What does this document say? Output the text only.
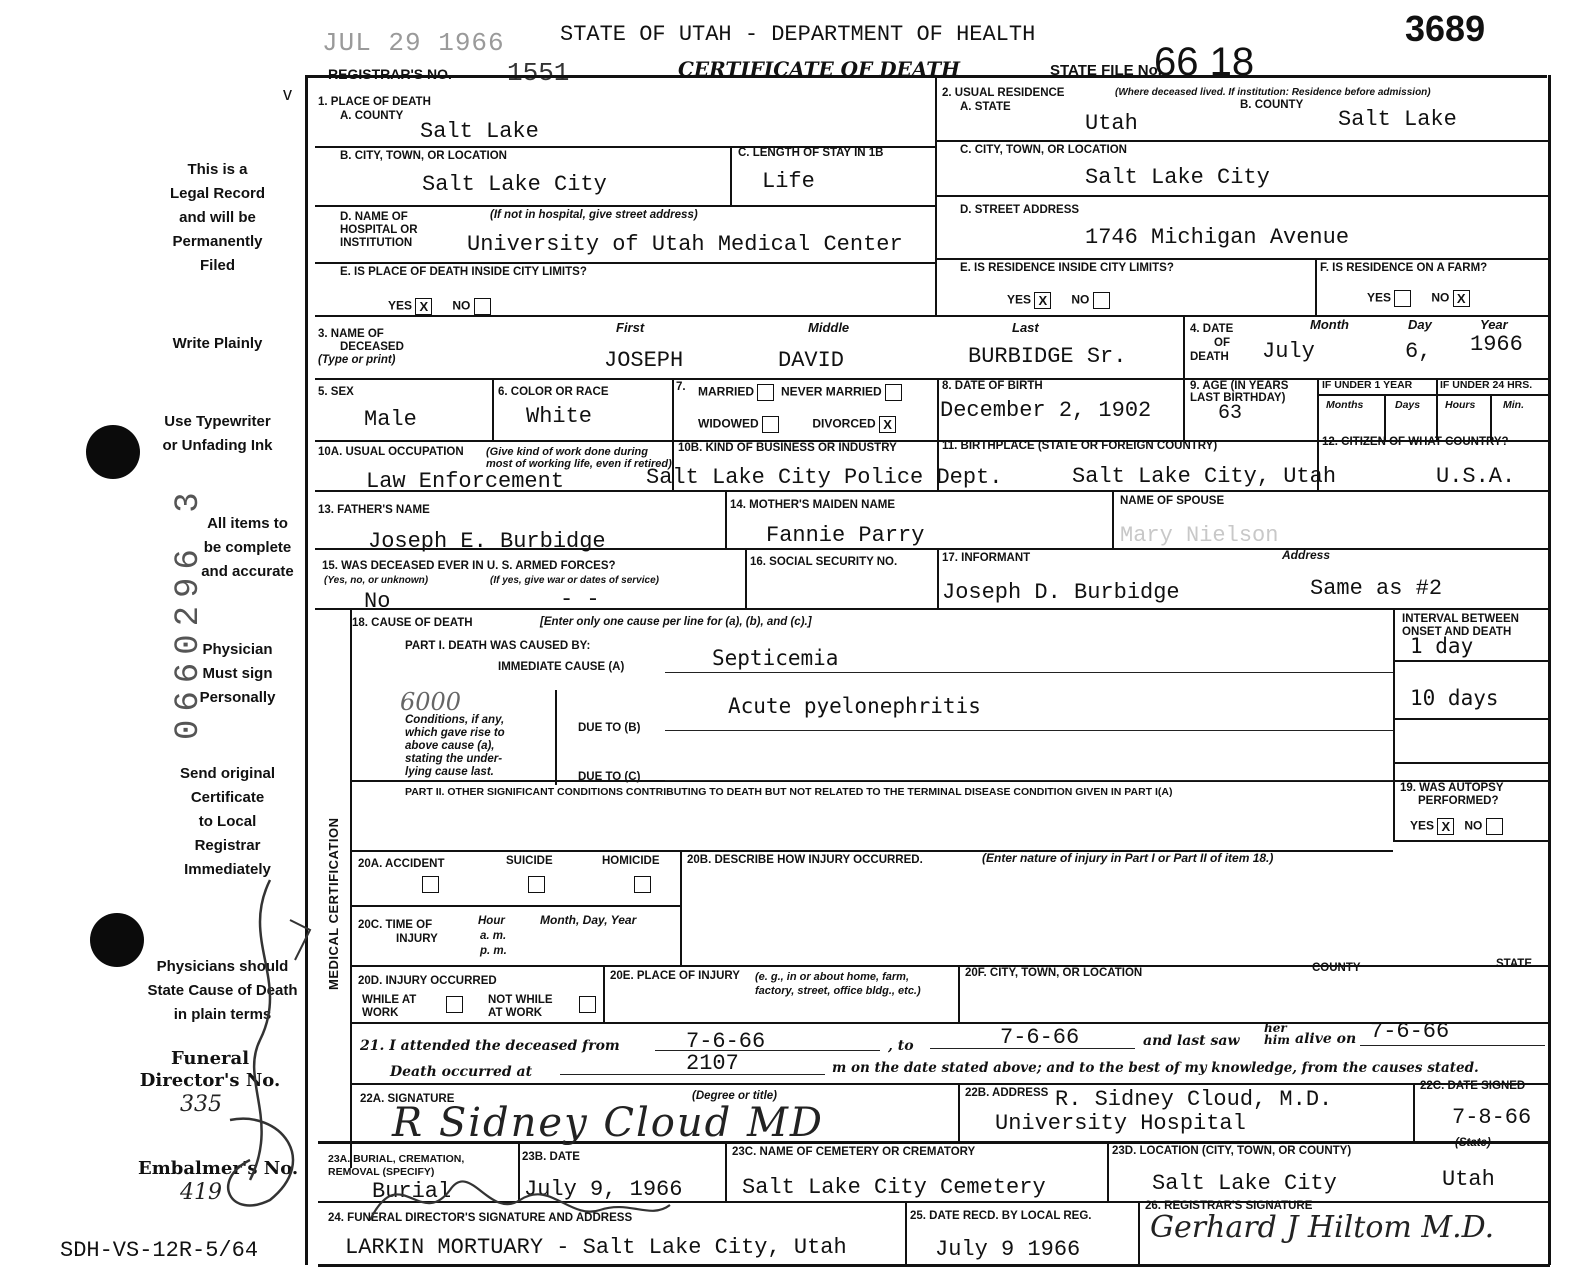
JUL 29 1966	STATE OF UTAH - DEPARTMENT OF HEALTH	3689
REGISTRAR'S NO. 1551	CERTIFICATE OF DEATH	STATE FILE No.
66 18
v
This is a
Legal Record
and will be
Permanently
Filed
Write Plainly
Use Typewriter
or Unfading Ink
All items to
be complete
and accurate
Physician
Must sign
Personally
Send original
Certificate
to Local
Registrar
Immediately
Physicians should
State Cause of Death
in plain terms
Funeral
Director's No.
335
Embalmer's No.
419
0660296 3
SDH-VS-12R-5/64
1. PLACE OF DEATH
A. COUNTY
Salt Lake
B. CITY, TOWN, OR LOCATION
Salt Lake City
C. LENGTH OF STAY IN 1B
Life
D. NAME OF
HOSPITAL OR
INSTITUTION
(If not in hospital, give street address)
University of Utah Medical Center
E. IS PLACE OF DEATH INSIDE CITY LIMITS?
YES X NO
2. USUAL RESIDENCE	(Where deceased lived. If institution: Residence before admission)
A. STATE
Utah
B. COUNTY
Salt Lake
C. CITY, TOWN, OR LOCATION
Salt Lake City
D. STREET ADDRESS
1746 Michigan Avenue
E. IS RESIDENCE INSIDE CITY LIMITS?
YES X NO
F. IS RESIDENCE ON A FARM?
YES	NO X
3. NAME OF
DECEASED
(Type or print)
First	Middle	Last
JOSEPH	DAVID	BURBIDGE Sr.
4. DATE
OF
DEATH
Month	Day	Year
July	6, 1966
5. SEX
Male
6. COLOR OR RACE
White
7. MARRIED NEVER MARRIED
WIDOWED	DIVORCED X
8. DATE OF BIRTH
December 2, 1902
9. AGE (IN YEARS LAST BIRTHDAY)
63
IF UNDER 1 YEAR	IF UNDER 24 HRS.
Months	Days Hours	Min.
10A. USUAL OCCUPATION	(Give kind of work done during most of working life, even if retired)
Law Enforcement
10B. KIND OF BUSINESS OR INDUSTRY
Salt Lake City Police Dept.
11. BIRTHPLACE (STATE OR FOREIGN COUNTRY)
Salt Lake City, Utah
12. CITIZEN OF WHAT COUNTRY?
U.S.A.
13. FATHER'S NAME
Joseph E. Burbidge
14. MOTHER'S MAIDEN NAME
Fannie Parry
NAME OF SPOUSE
Mary Nielson
15. WAS DECEASED EVER IN U. S. ARMED FORCES?
(Yes, no, or unknown)	(If yes, give war or dates of service)
No	- -
16. SOCIAL SECURITY NO.	17. INFORMANT	Address
Joseph D. Burbidge	Same as #2
MEDICAL CERTIFICATION
18. CAUSE OF DEATH	[Enter only one cause per line for (a), (b), and (c).]
PART I. DEATH WAS CAUSED BY:
IMMEDIATE CAUSE (A)	Septicemia
INTERVAL BETWEEN
ONSET AND DEATH
1 day
6000
Conditions, if any,
which gave rise to
above cause (a),
stating the under-
lying cause last.
DUE TO (B)
Acute pyelonephritis	10 days
DUE TO (C)
PART II. OTHER SIGNIFICANT CONDITIONS CONTRIBUTING TO DEATH BUT NOT RELATED TO THE TERMINAL DISEASE CONDITION GIVEN IN PART I(A)	19. WAS AUTOPSY
PERFORMED?
YES X NO
20A. ACCIDENT	SUICIDE	HOMICIDE 20B. DESCRIBE HOW INJURY OCCURRED.	(Enter nature of injury in Part I or Part II of item 18.)
20C. TIME OF
INJURY
Hour
a. m.
p. m.
Month, Day, Year
20D. INJURY OCCURRED
WHILE AT
WORK
NOT WHILE
AT WORK
20E. PLACE OF INJURY	(e. g., in or about home, farm, factory, street, office bldg., etc.)
20F. CITY, TOWN, OR LOCATION	COUNTY	STATE
21. I attended the deceased from	7-6-66	, to	7-6-66	and last saw
her
him alive on 7-6-66
Death occurred at	2107	m on the date stated above; and to the best of my knowledge, from the causes stated.
22A. SIGNATURE	(Degree or title)
R Sidney Cloud MD
22B. ADDRESS R. Sidney Cloud, M.D.
University Hospital
22C. DATE SIGNED
7-8-66
23A. BURIAL, CREMATION,
REMOVAL (SPECIFY)
Burial
23B. DATE
July 9, 1966
23C. NAME OF CEMETERY OR CREMATORY
Salt Lake City Cemetery
23D. LOCATION (CITY, TOWN, OR COUNTY)
(State)
Salt Lake City	Utah
24. FUNERAL DIRECTOR'S SIGNATURE AND ADDRESS
LARKIN MORTUARY - Salt Lake City, Utah
25. DATE RECD. BY LOCAL REG.
July 9 1966
26. REGISTRAR'S SIGNATURE
Gerhard J Hiltom M.D.
